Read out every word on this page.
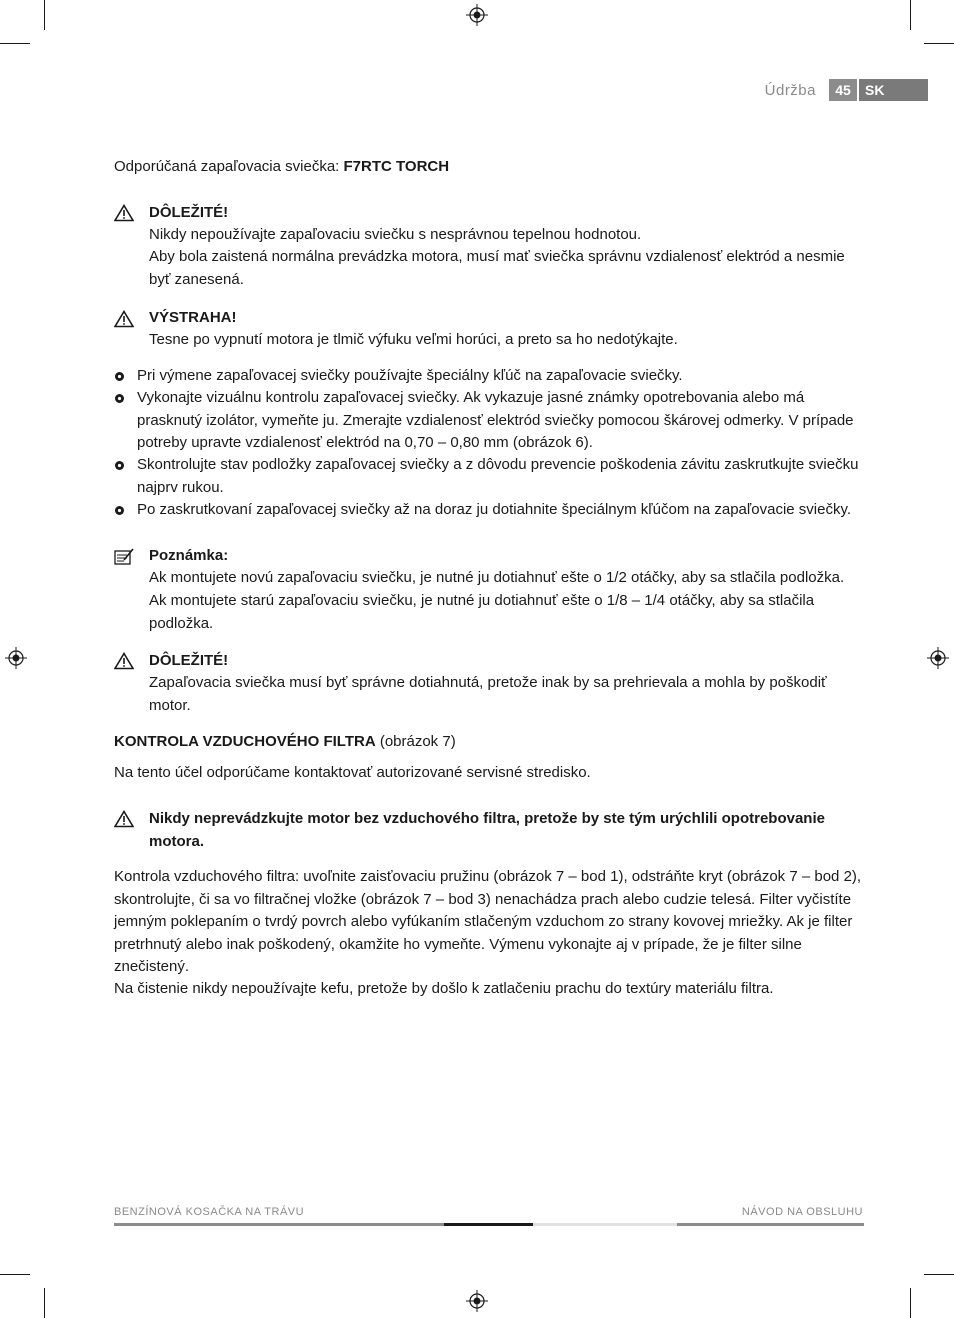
Údržba	45	SK
Odporúčaná zapaľovacia sviečka: F7RTC TORCH
DÔLEŽITÉ!
Nikdy nepoužívajte zapaľovaciu sviečku s nesprávnou tepelnou hodnotou.
Aby bola zaistená normálna prevádzka motora, musí mať sviečka správnu vzdialenosť elektród a nesmie byť zanesená.
VÝSTRAHA!
Tesne po vypnutí motora je tlmič výfuku veľmi horúci, a preto sa ho nedotýkajte.
Pri výmene zapaľovacej sviečky používajte špeciálny kľúč na zapaľovacie sviečky.
Vykonajte vizuálnu kontrolu zapaľovacej sviečky. Ak vykazuje jasné známky opotrebovania alebo má prasknutý izolátor, vymeňte ju. Zmerajte vzdialenosť elektród sviečky pomocou škárovej odmerky. V prípade potreby upravte vzdialenosť elektród na 0,70 – 0,80 mm (obrázok 6).
Skontrolujte stav podložky zapaľovacej sviečky a z dôvodu prevencie poškodenia závitu zaskrutkujte sviečku najprv rukou.
Po zaskrutkovaní zapaľovacej sviečky až na doraz ju dotiahnite špeciálnym kľúčom na zapaľovacie sviečky.
Poznámka:
Ak montujete novú zapaľovaciu sviečku, je nutné ju dotiahnuť ešte o 1/2 otáčky, aby sa stlačila podložka.
Ak montujete starú zapaľovaciu sviečku, je nutné ju dotiahnuť ešte o 1/8 – 1/4 otáčky, aby sa stlačila podložka.
DÔLEŽITÉ!
Zapaľovacia sviečka musí byť správne dotiahnutá, pretože inak by sa prehrievala a mohla by poškodiť motor.
KONTROLA VZDUCHOVÉHO FILTRA (obrázok 7)
Na tento účel odporúčame kontaktovať autorizované servisné stredisko.
Nikdy neprevádzkujte motor bez vzduchového filtra, pretože by ste tým urýchlili opotrebovanie motora.
Kontrola vzduchového filtra: uvoľnite zaisťovaciu pružinu (obrázok 7 – bod 1), odstráňte kryt (obrázok 7 – bod 2), skontrolujte, či sa vo filtračnej vložke (obrázok 7 – bod 3) nenachádza prach alebo cudzie telesá. Filter vyčistíte jemným poklepaním o tvrdý povrch alebo vyfúkaním stlačeným vzduchom zo strany kovovej mriežky. Ak je filter pretrhnutý alebo inak poškodený, okamžite ho vymeňte. Výmenu vykonajte aj v prípade, že je filter silne znečistený.
Na čistenie nikdy nepoužívajte kefu, pretože by došlo k zatlačeniu prachu do textúry materiálu filtra.
BENZÍNOVÁ KOSAČKA NA TRÁVU	NÁVOD NA OBSLUHU
